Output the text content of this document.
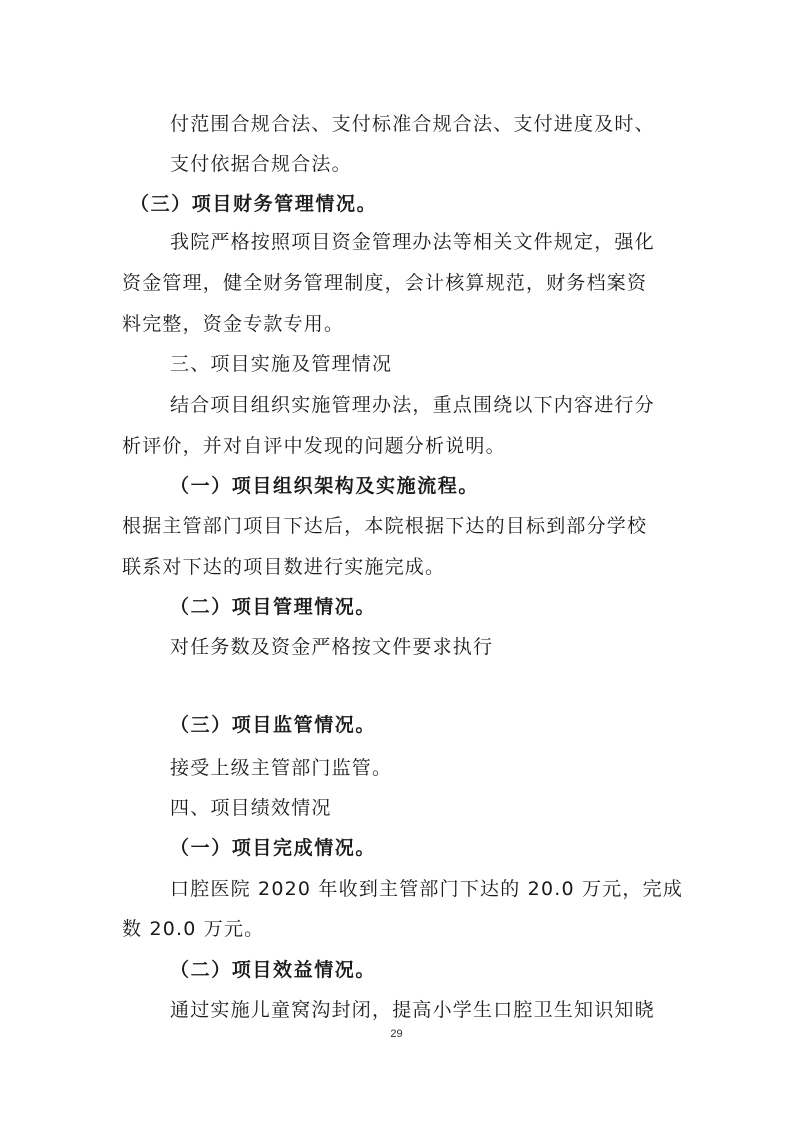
付范围合规合法、支付标准合规合法、支付进度及时、
支付依据合规合法。
（三）项目财务管理情况。
我院严格按照项目资金管理办法等相关文件规定，强化
资金管理，健全财务管理制度，会计核算规范，财务档案资
料完整，资金专款专用。
三、项目实施及管理情况
结合项目组织实施管理办法，重点围绕以下内容进行分
析评价，并对自评中发现的问题分析说明。
（一）项目组织架构及实施流程。
根据主管部门项目下达后，本院根据下达的目标到部分学校
联系对下达的项目数进行实施完成。
（二）项目管理情况。
对任务数及资金严格按文件要求执行
（三）项目监管情况。
接受上级主管部门监管。
四、项目绩效情况
（一）项目完成情况。
口腔医院 2020 年收到主管部门下达的 20.0 万元，完成
数 20.0 万元。
（二）项目效益情况。
通过实施儿童窝沟封闭，提高小学生口腔卫生知识知晓
29
